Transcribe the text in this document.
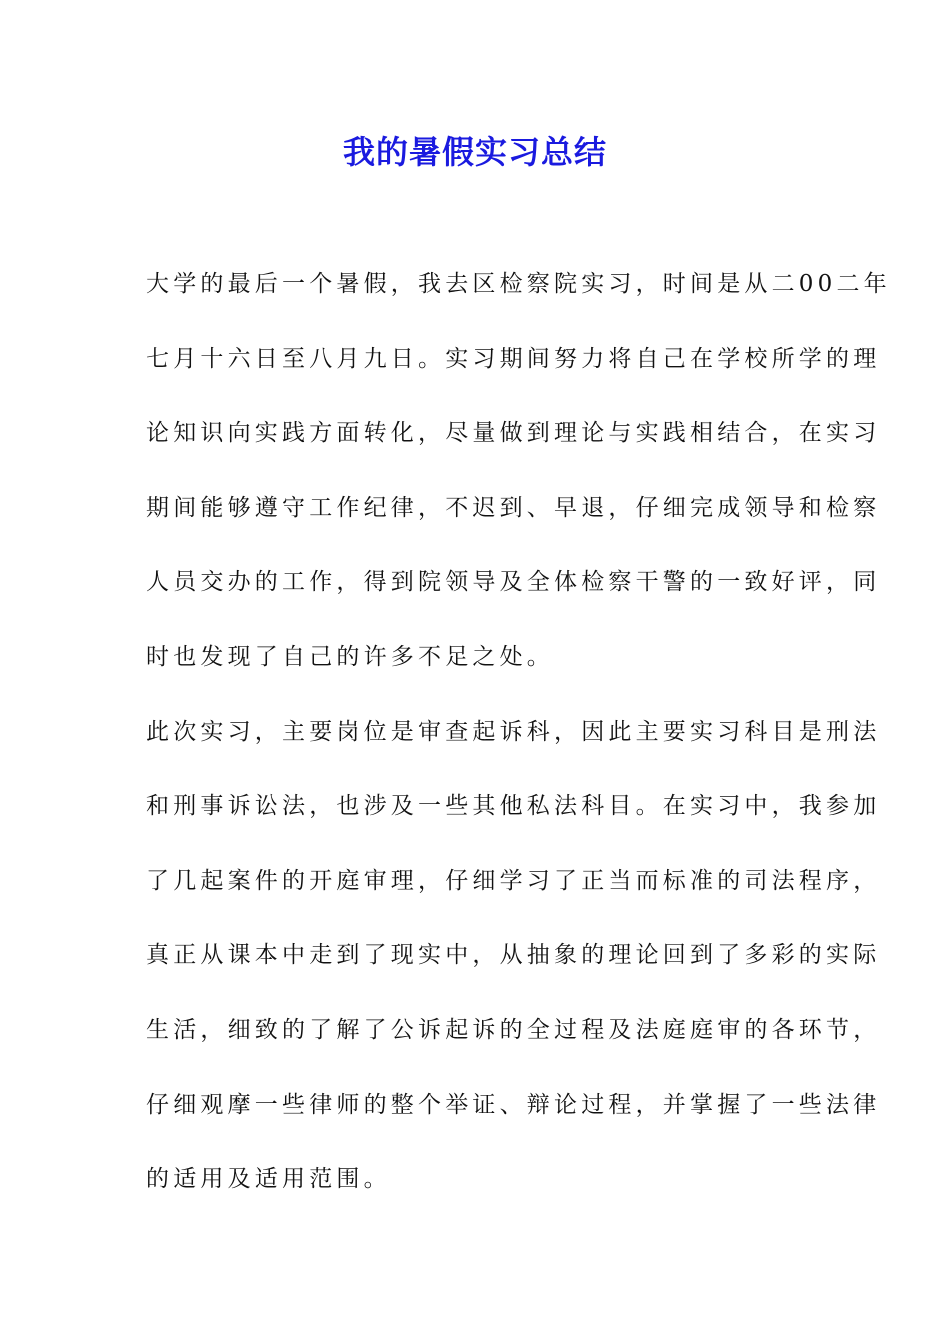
我的暑假实习总结
大学的最后一个暑假，我去区检察院实习，时间是从二00二年
七月十六日至八月九日。实习期间努力将自己在学校所学的理
论知识向实践方面转化，尽量做到理论与实践相结合，在实习
期间能够遵守工作纪律，不迟到、早退，仔细完成领导和检察
人员交办的工作，得到院领导及全体检察干警的一致好评，同
时也发现了自己的许多不足之处。
此次实习，主要岗位是审查起诉科，因此主要实习科目是刑法
和刑事诉讼法，也涉及一些其他私法科目。在实习中，我参加
了几起案件的开庭审理，仔细学习了正当而标准的司法程序，
真正从课本中走到了现实中，从抽象的理论回到了多彩的实际
生活，细致的了解了公诉起诉的全过程及法庭庭审的各环节，
仔细观摩一些律师的整个举证、辩论过程，并掌握了一些法律
的适用及适用范围。
